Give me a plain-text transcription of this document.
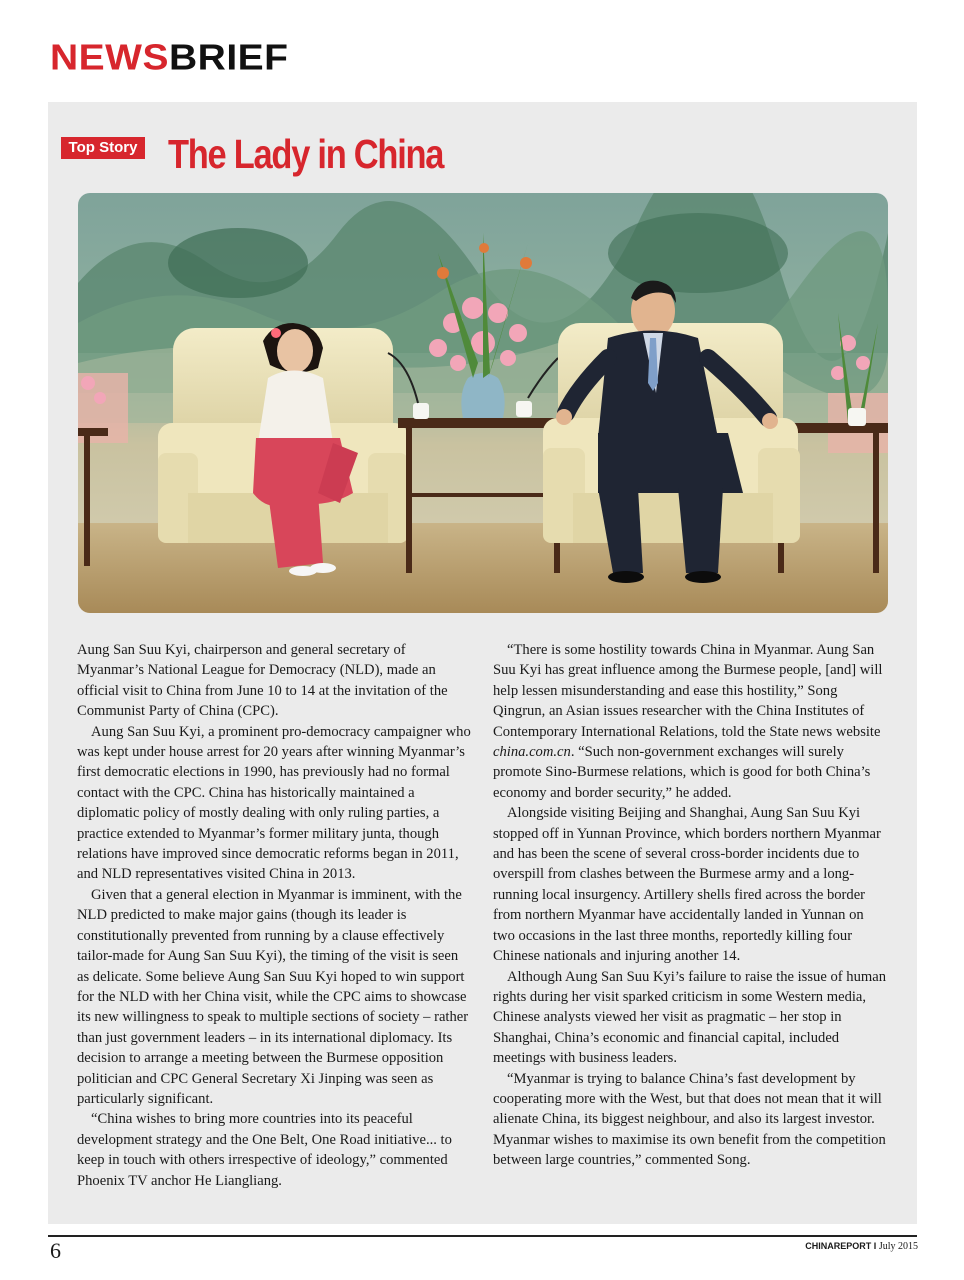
NEWSBRIEF
Top Story The Lady in China

Aung San Suu Kyi, chairperson and general secretary of Myanmar’s National League for Democracy (NLD), made an official visit to China from June 10 to 14 at the invitation of the Communist Party of China (CPC).

Aung San Suu Kyi, a prominent pro-democracy campaigner who was kept under house arrest for 20 years after winning Myanmar’s first democratic elections in 1990, has previously had no formal contact with the CPC. China has historically maintained a diplomatic policy of mostly dealing with only ruling parties, a practice extended to Myanmar’s former military junta, though relations have improved since democratic reforms began in 2011, and NLD representatives visited China in 2013.

Given that a general election in Myanmar is imminent, with the NLD predicted to make major gains (though its leader is constitutionally prevented from running by a clause effectively tailor-made for Aung San Suu Kyi), the timing of the visit is seen as delicate. Some believe Aung San Suu Kyi hoped to win support for the NLD with her China visit, while the CPC aims to showcase its new willingness to speak to multiple sections of society – rather than just government leaders – in its international diplomacy. Its decision to arrange a meeting between the Burmese opposition politician and CPC General Secretary Xi Jinping was seen as particularly significant.

“China wishes to bring more countries into its peaceful development strategy and the One Belt, One Road initiative... to keep in touch with others irrespective of ideology,” commented Phoenix TV anchor He Liangliang.

“There is some hostility towards China in Myanmar. Aung San Suu Kyi has great influence among the Burmese people, [and] will help lessen misunderstanding and ease this hostility,” Song Qingrun, an Asian issues researcher with the China Institutes of Contemporary International Relations, told the State news website china.com.cn. “Such non-government exchanges will surely promote Sino-Burmese relations, which is good for both China’s economy and border security,” he added.

Alongside visiting Beijing and Shanghai, Aung San Suu Kyi stopped off in Yunnan Province, which borders northern Myanmar and has been the scene of several cross-border incidents due to overspill from clashes between the Burmese army and a long-running local insurgency. Artillery shells fired across the border from northern Myanmar have accidentally landed in Yunnan on two occasions in the last three months, reportedly killing four Chinese nationals and injuring another 14.

Although Aung San Suu Kyi’s failure to raise the issue of human rights during her visit sparked criticism in some Western media, Chinese analysts viewed her visit as pragmatic – her stop in Shanghai, China’s economic and financial capital, included meetings with business leaders.

“Myanmar is trying to balance China’s fast development by cooperating more with the West, but that does not mean that it will alienate China, its biggest neighbour, and also its largest investor. Myanmar wishes to maximise its own benefit from the competition between large countries,” commented Song.

6	CHINAREPORT I July 2015
